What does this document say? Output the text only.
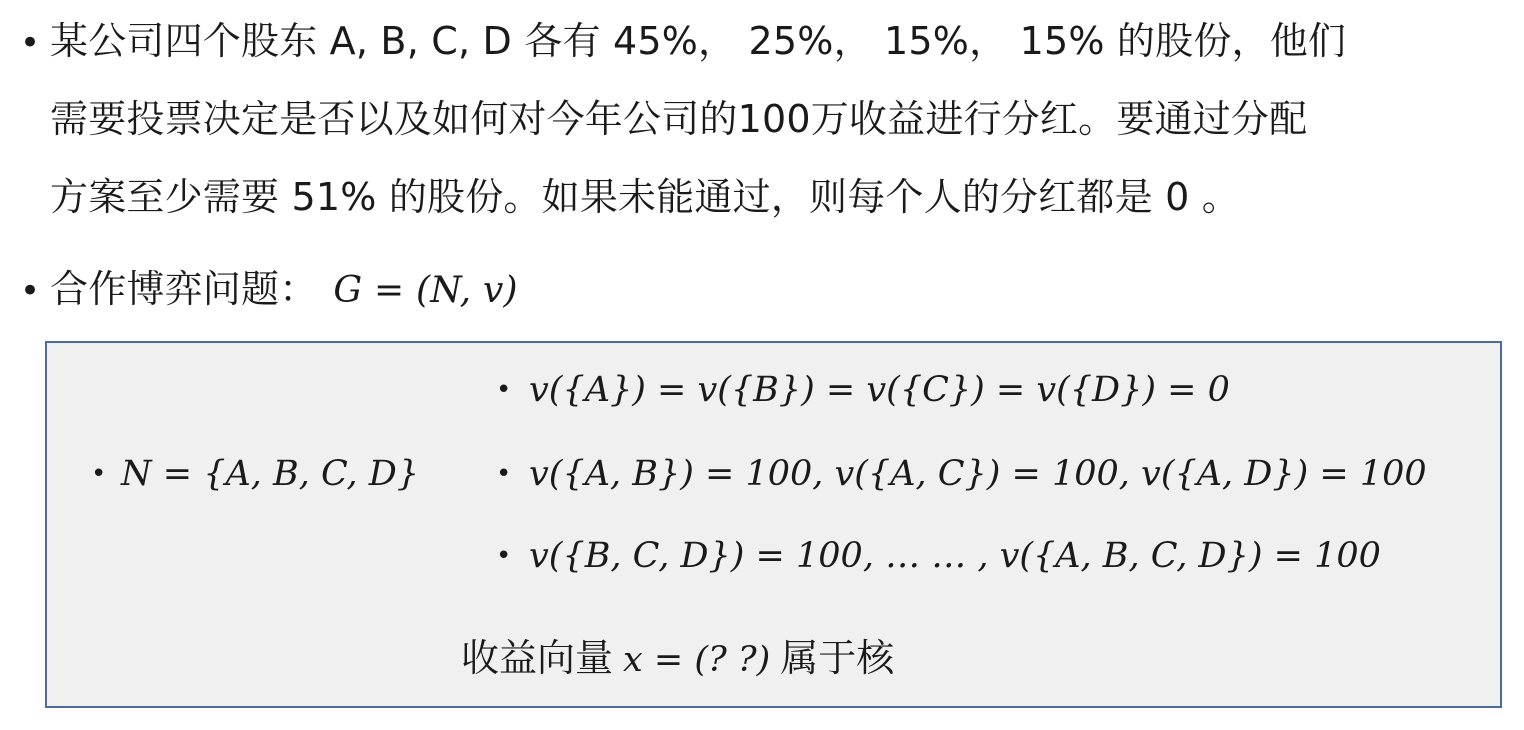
• 某公司四个股东 A, B, C, D 各有 45%， 25%， 15%， 15% 的股份，他们
需要投票决定是否以及如何对今年公司的100万收益进行分红。要通过分配
方案至少需要 51% 的股份。如果未能通过，则每个人的分红都是 0 。
• 合作博弈问题： G = (N, v)
• N = {A, B, C, D}
• v({A}) = v({B}) = v({C}) = v({D}) = 0
• v({A, B}) = 100, v({A, C}) = 100, v({A, D}) = 100
• v({B, C, D}) = 100, … … , v({A, B, C, D}) = 100
收益向量 x = (? ?) 属于核
